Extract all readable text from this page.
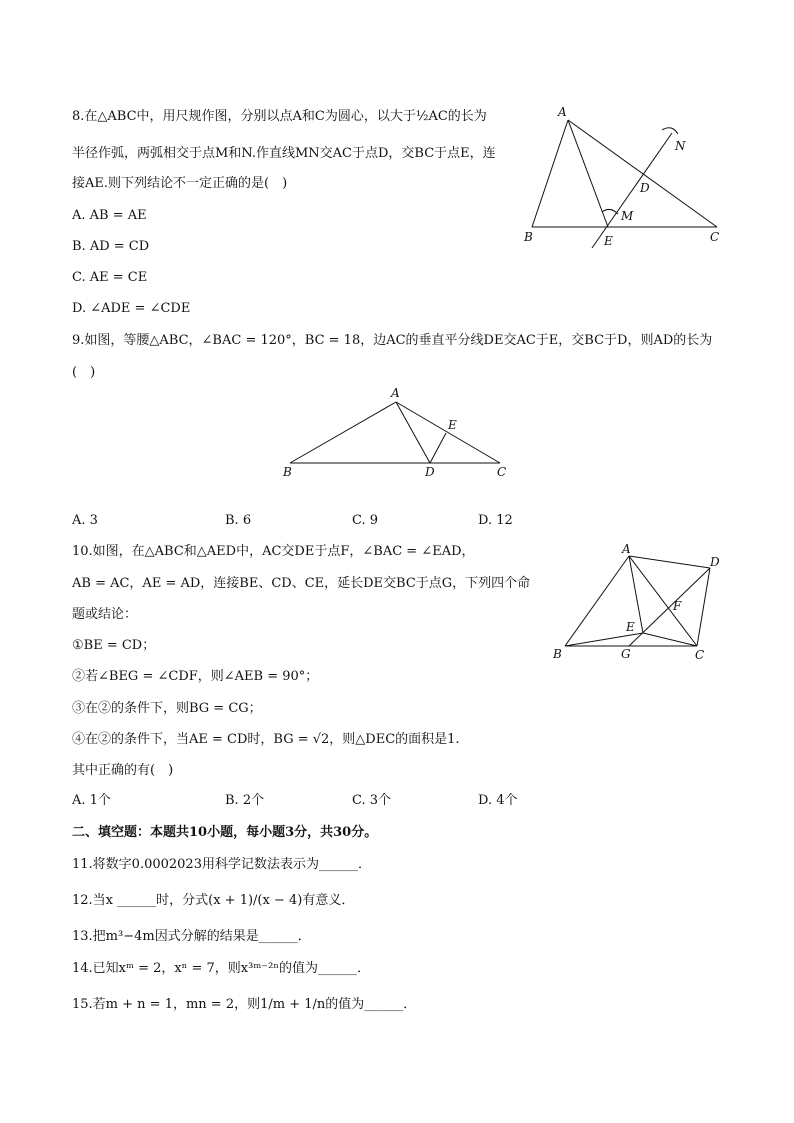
8.在△ABC中，用尺规作图，分别以点A和C为圆心，以大于½AC的长为
半径作弧，两弧相交于点M和N.作直线MN交AC于点D，交BC于点E，连
接AE.则下列结论不一定正确的是(　)
A. AB = AE
B. AD = CD
C. AE = CE
D. ∠ADE = ∠CDE
A
B	C
D
E
M
N
9.如图，等腰△ABC，∠BAC = 120°，BC = 18，边AC的垂直平分线DE交AC于E，交BC于D，则AD的长为
(　)
A
B	C
D
E
A. 3	B. 6	C. 9	D. 12
10.如图，在△ABC和△AED中，AC交DE于点F，∠BAC = ∠EAD，
AB = AC，AE = AD，连接BE、CD、CE，延长DE交BC于点G，下列四个命
题或结论：
①BE = CD；
②若∠BEG = ∠CDF，则∠AEB = 90°；
③在②的条件下，则BG = CG；
④在②的条件下，当AE = CD时，BG = √2，则△DEC的面积是1.
其中正确的有(　)
A
B	C
D
E
F
G
A. 1个	B. 2个	C. 3个	D. 4个
二、填空题：本题共10小题，每小题3分，共30分。
11.将数字0.0002023用科学记数法表示为______．
12.当x ______时，分式(x + 1)/(x − 4)有意义．
13.把m³−4m因式分解的结果是______．
14.已知xᵐ = 2，xⁿ = 7，则x³ᵐ⁻²ⁿ的值为______．
15.若m + n = 1，mn = 2，则1/m + 1/n的值为______．
